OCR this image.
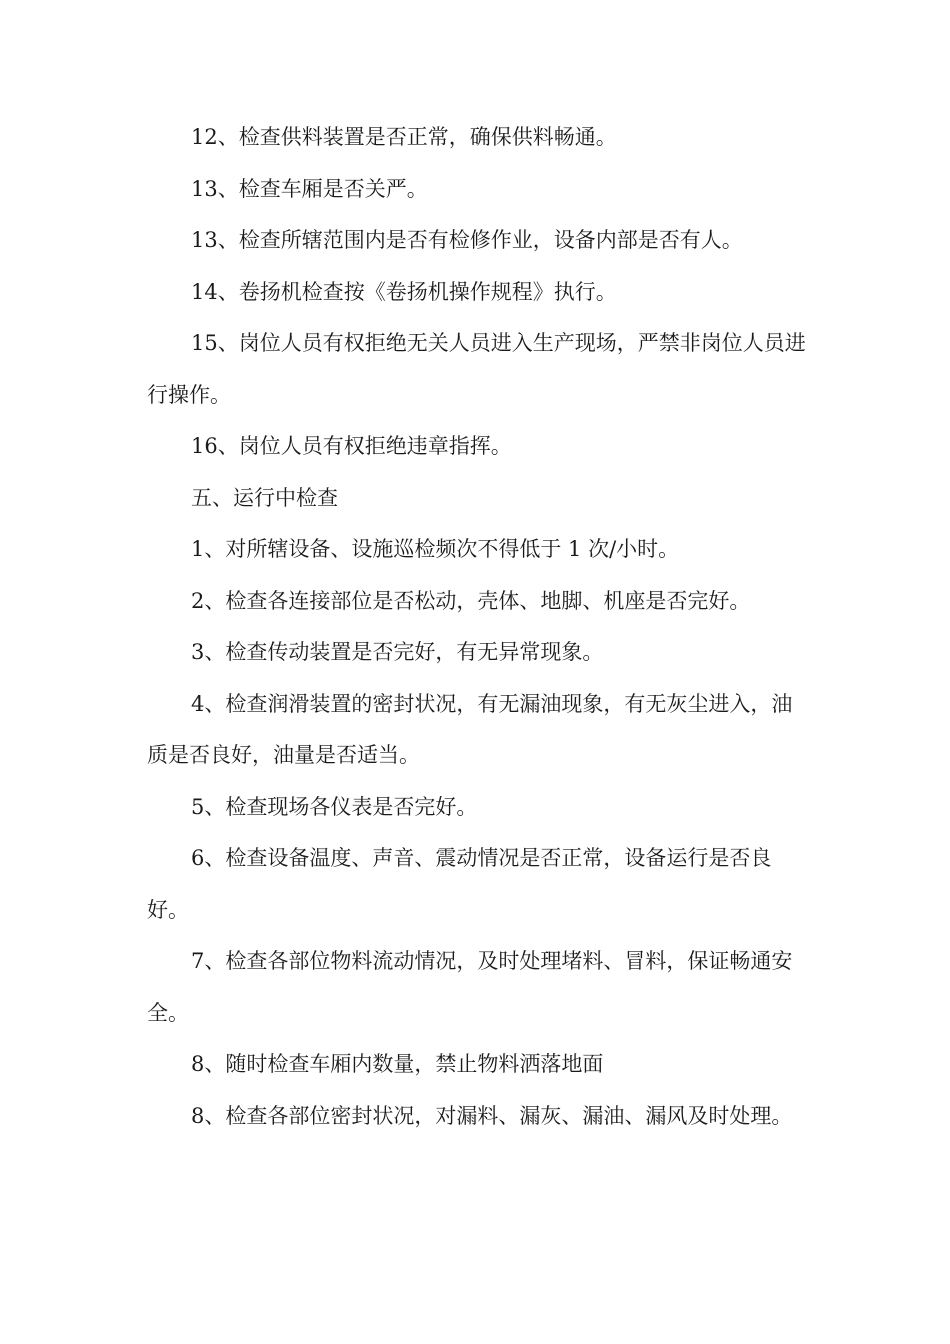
12、检查供料装置是否正常，确保供料畅通。

13、检查车厢是否关严。

13、检查所辖范围内是否有检修作业，设备内部是否有人。

14、卷扬机检查按《卷扬机操作规程》执行。

15、岗位人员有权拒绝无关人员进入生产现场，严禁非岗位人员进行操作。

16、岗位人员有权拒绝违章指挥。

五、运行中检查

1、对所辖设备、设施巡检频次不得低于 1 次/小时。

2、检查各连接部位是否松动，壳体、地脚、机座是否完好。

3、检查传动装置是否完好，有无异常现象。

4、检查润滑装置的密封状况，有无漏油现象，有无灰尘进入，油质是否良好，油量是否适当。

5、检查现场各仪表是否完好。

6、检查设备温度、声音、震动情况是否正常，设备运行是否良好。

7、检查各部位物料流动情况，及时处理堵料、冒料，保证畅通安全。

8、随时检查车厢内数量，禁止物料洒落地面

8、检查各部位密封状况，对漏料、漏灰、漏油、漏风及时处理。
